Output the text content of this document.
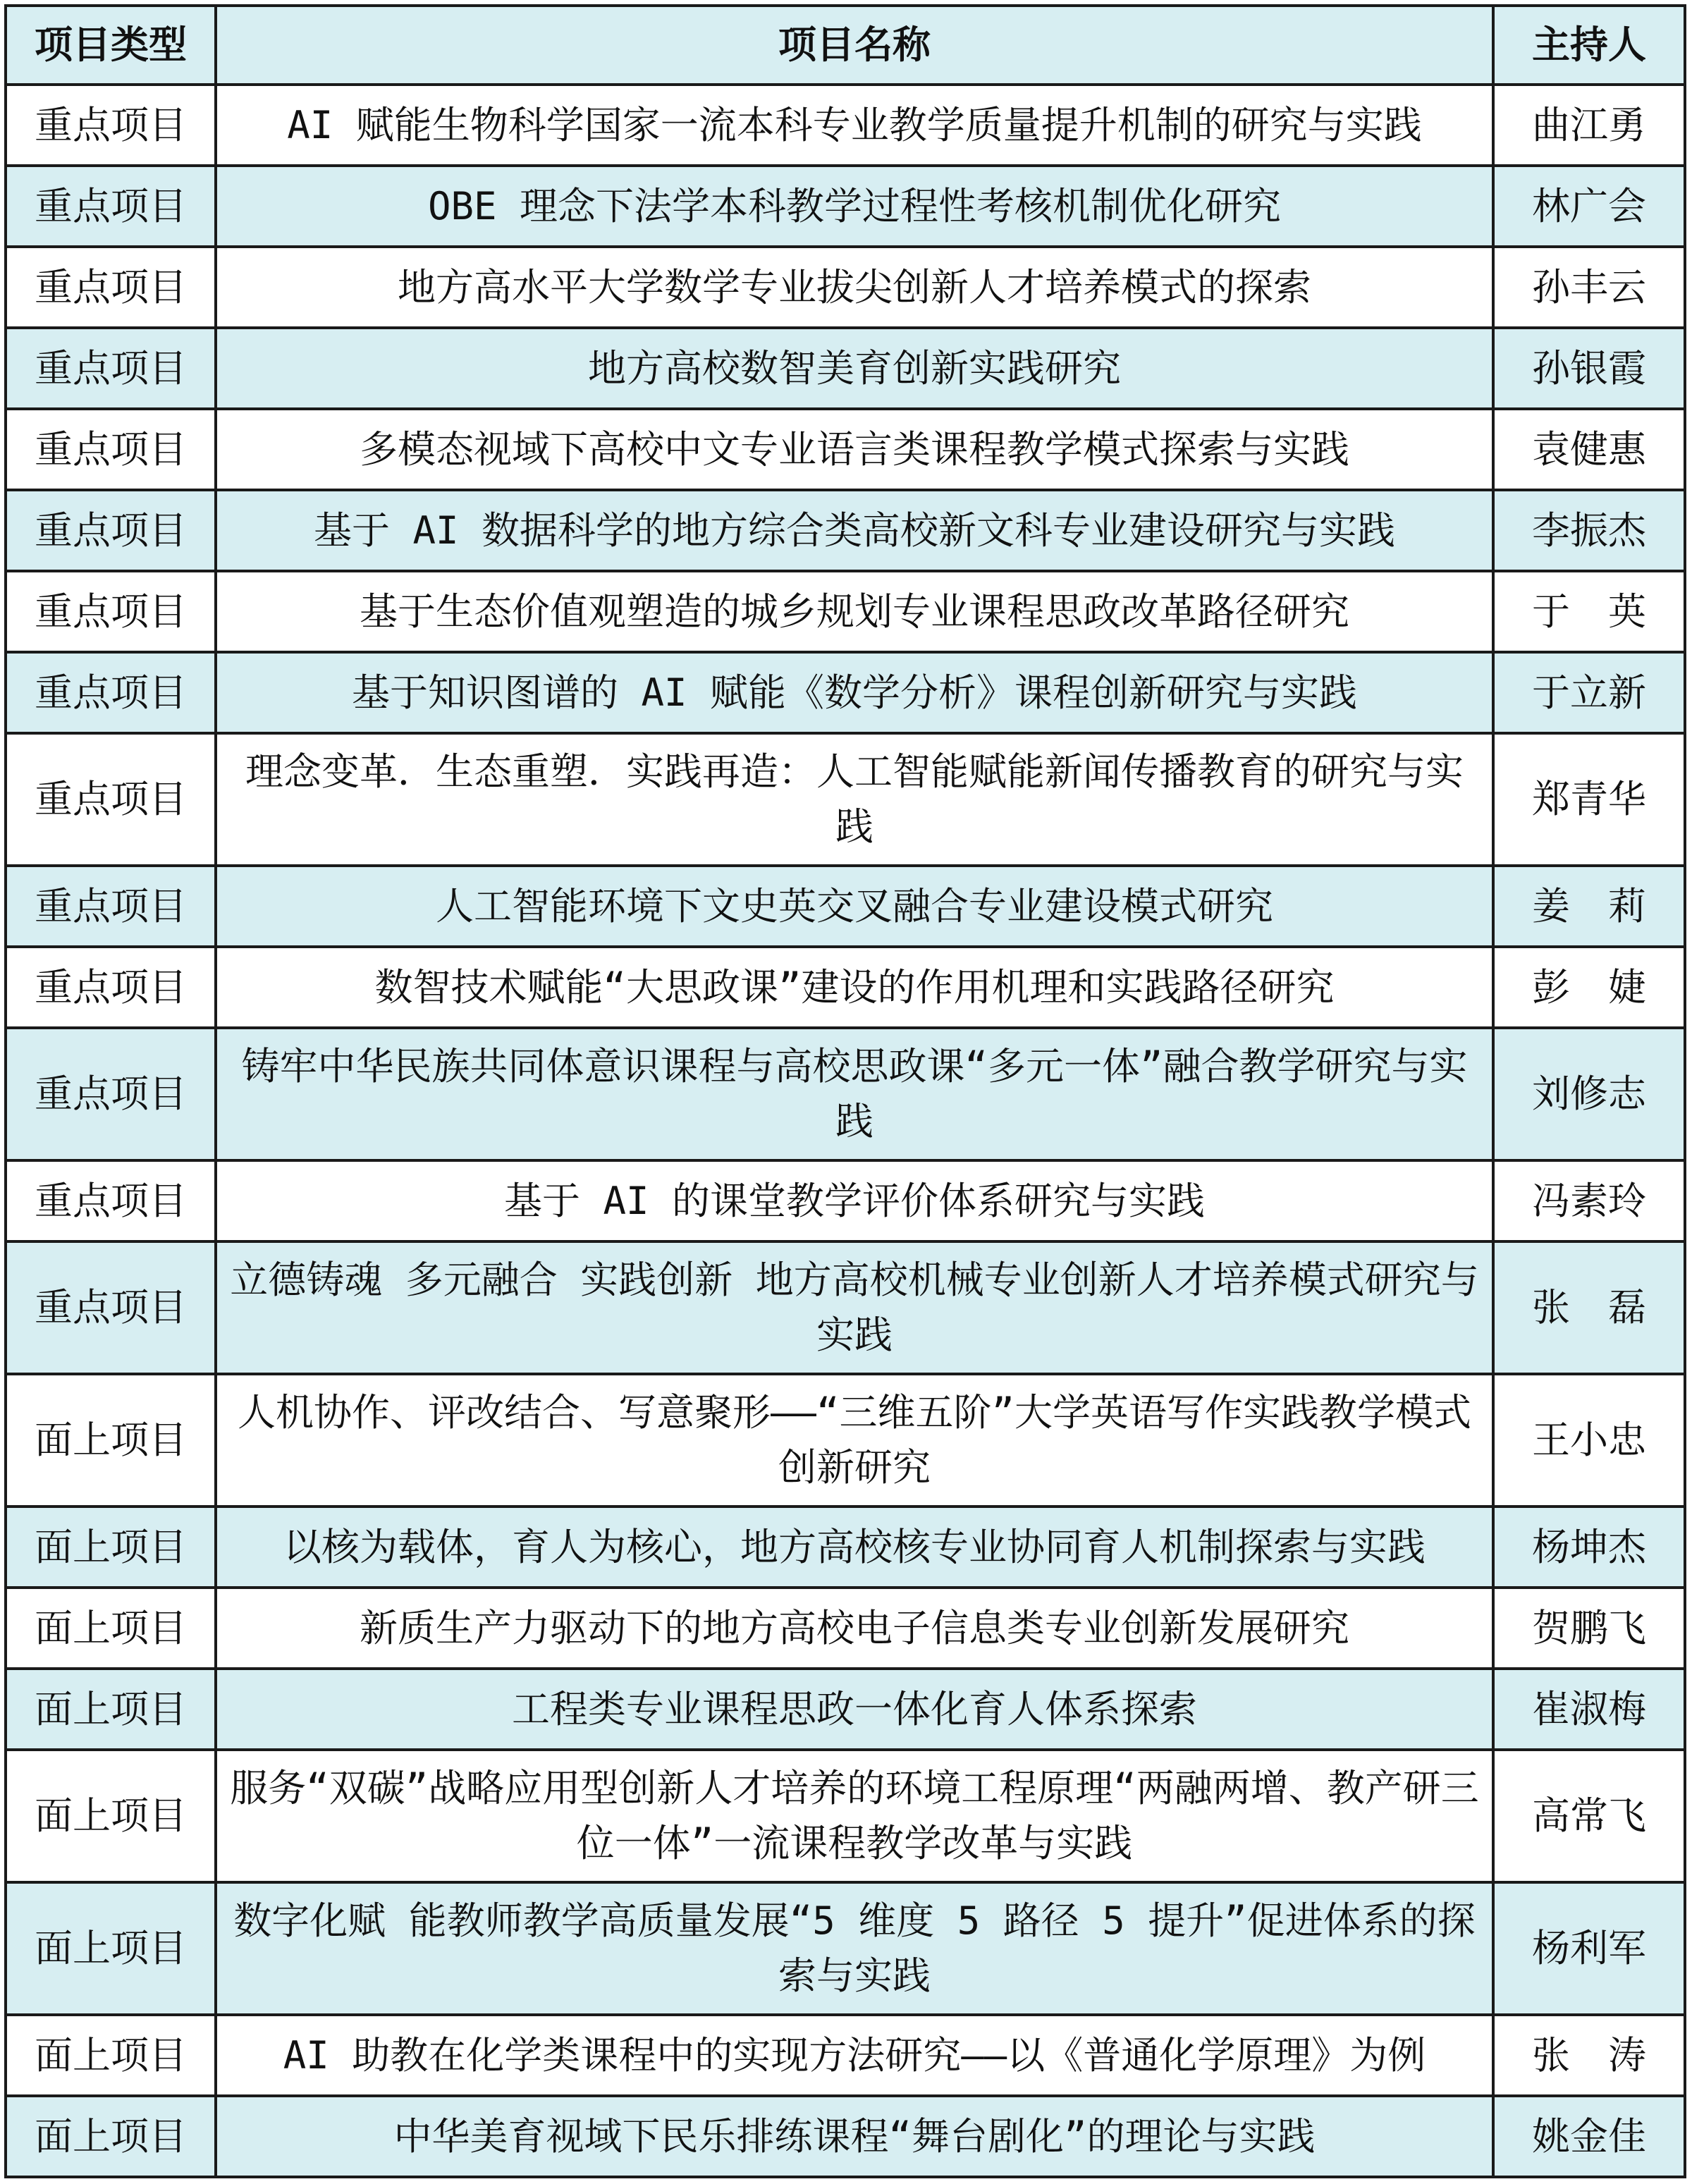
项目类型	项目名称	主持人
重点项目	AI 赋能生物科学国家一流本科专业教学质量提升机制的研究与实践	曲江勇
重点项目	OBE 理念下法学本科教学过程性考核机制优化研究	林广会
重点项目	地方高水平大学数学专业拔尖创新人才培养模式的探索	孙丰云
重点项目	地方高校数智美育创新实践研究	孙银霞
重点项目	多模态视域下高校中文专业语言类课程教学模式探索与实践	袁健惠
重点项目	基于 AI 数据科学的地方综合类高校新文科专业建设研究与实践	李振杰
重点项目	基于生态价值观塑造的城乡规划专业课程思政改革路径研究	于　英
重点项目	基于知识图谱的 AI 赋能《数学分析》课程创新研究与实践	于立新
重点项目	理念变革．生态重塑．实践再造：人工智能赋能新闻传播教育的研究与实践	郑青华
重点项目	人工智能环境下文史英交叉融合专业建设模式研究	姜　莉
重点项目	数智技术赋能“大思政课”建设的作用机理和实践路径研究	彭　婕
重点项目	铸牢中华民族共同体意识课程与高校思政课“多元一体”融合教学研究与实践	刘修志
重点项目	基于 AI 的课堂教学评价体系研究与实践	冯素玲
重点项目	立德铸魂 多元融合 实践创新 地方高校机械专业创新人才培养模式研究与实践	张　磊
面上项目	人机协作、评改结合、写意聚形——“三维五阶”大学英语写作实践教学模式创新研究	王小忠
面上项目	以核为载体，育人为核心，地方高校核专业协同育人机制探索与实践	杨坤杰
面上项目	新质生产力驱动下的地方高校电子信息类专业创新发展研究	贺鹏飞
面上项目	工程类专业课程思政一体化育人体系探索	崔淑梅
面上项目	服务“双碳”战略应用型创新人才培养的环境工程原理“两融两增、教产研三位一体”一流课程教学改革与实践	高常飞
面上项目	数字化赋 能教师教学高质量发展“5 维度 5 路径 5 提升”促进体系的探索与实践	杨利军
面上项目	AI 助教在化学类课程中的实现方法研究——以《普通化学原理》为例	张　涛
面上项目	中华美育视域下民乐排练课程“舞台剧化”的理论与实践	姚金佳
